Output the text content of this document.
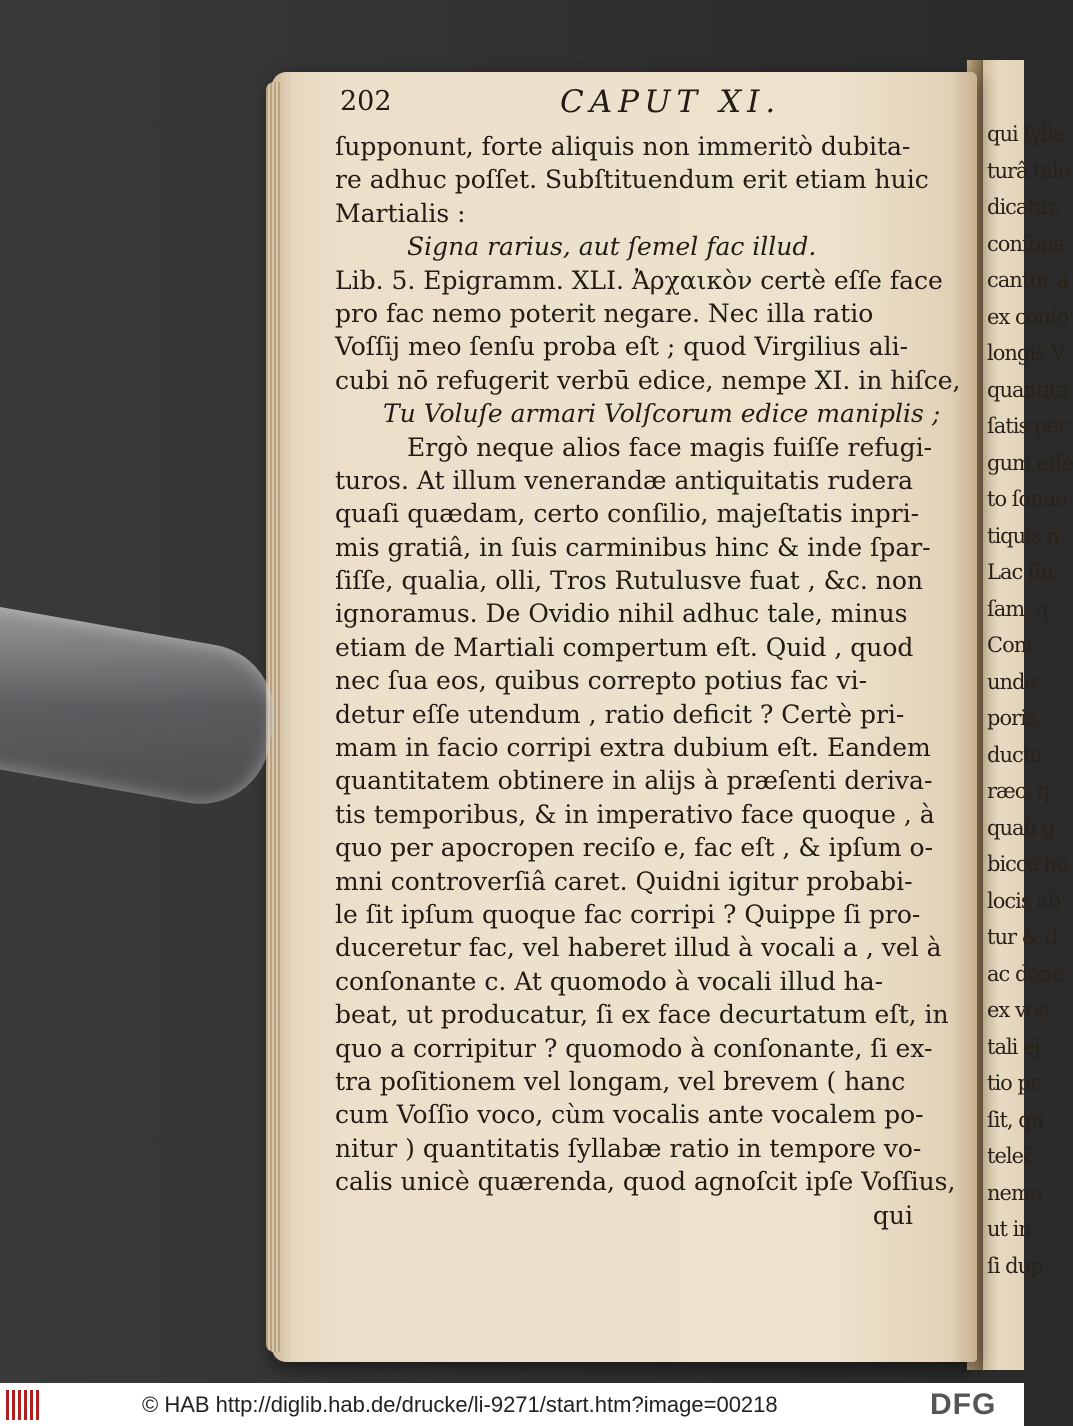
qui ſylla
turâ tale
dicatur,
conſona
cantur a
ex conſo
longis V
quantita
ſatis per
gum eſſe
to ſonue
tiquis n
Lac ſin
ſam, q
Cont
unde
poris.
ducta
ræc, q
quaſi g
bicce ho
locis ab
tur & d
ac done
ex voc
tali ej
tio pr
ſit, qu
teleĉ
nemo
ut in
ſi dup
202	CAPUT XI.
ſupponunt, forte aliquis non immeritò dubita-
re adhuc poſſet. Subſtituendum erit etiam huic
Martialis :
Signa rarius, aut ſemel fac illud.
Lib. 5. Epigramm. XLI. Ἀρχαικὸν certè eſſe face
pro fac nemo poterit negare. Nec illa ratio
Voſſij meo ſenſu proba eſt ; quod Virgilius ali-
cubi nō refugerit verbū edice, nempe XI. in hiſce,
Tu Voluſe armari Volſcorum edice maniplis ;
Ergò neque alios face magis fuiſſe refugi-
turos. At illum venerandæ antiquitatis rudera
quaſi quædam, certo conſilio, majeſtatis inpri-
mis gratiâ, in ſuis carminibus hinc & inde ſpar-
ſiſſe, qualia, olli, Tros Rutulusve fuat , &c. non
ignoramus. De Ovidio nihil adhuc tale, minus
etiam de Martiali compertum eſt. Quid , quod
nec ſua eos, quibus correpto potius fac vi-
detur eſſe utendum , ratio deficit ? Certè pri-
mam in facio corripi extra dubium eſt. Eandem
quantitatem obtinere in alijs à præſenti deriva-
tis temporibus, & in imperativo face quoque , à
quo per apocropen reciſo e, fac eſt , & ipſum o-
mni controverſiâ caret. Quidni igitur probabi-
le ſit ipſum quoque fac corripi ? Quippe ſi pro-
duceretur fac, vel haberet illud à vocali a , vel à
conſonante c. At quomodo à vocali illud ha-
beat, ut producatur, ſi ex face decurtatum eſt, in
quo a corripitur ? quomodo à conſonante, ſi ex-
tra poſitionem vel longam, vel brevem ( hanc
cum Voſſio voco, cùm vocalis ante vocalem po-
nitur ) quantitatis ſyllabæ ratio in tempore vo-
calis unicè quærenda, quod agnoſcit ipſe Voſſius,
qui
© HAB http://diglib.hab.de/drucke/li-9271/start.htm?image=00218	DFG
